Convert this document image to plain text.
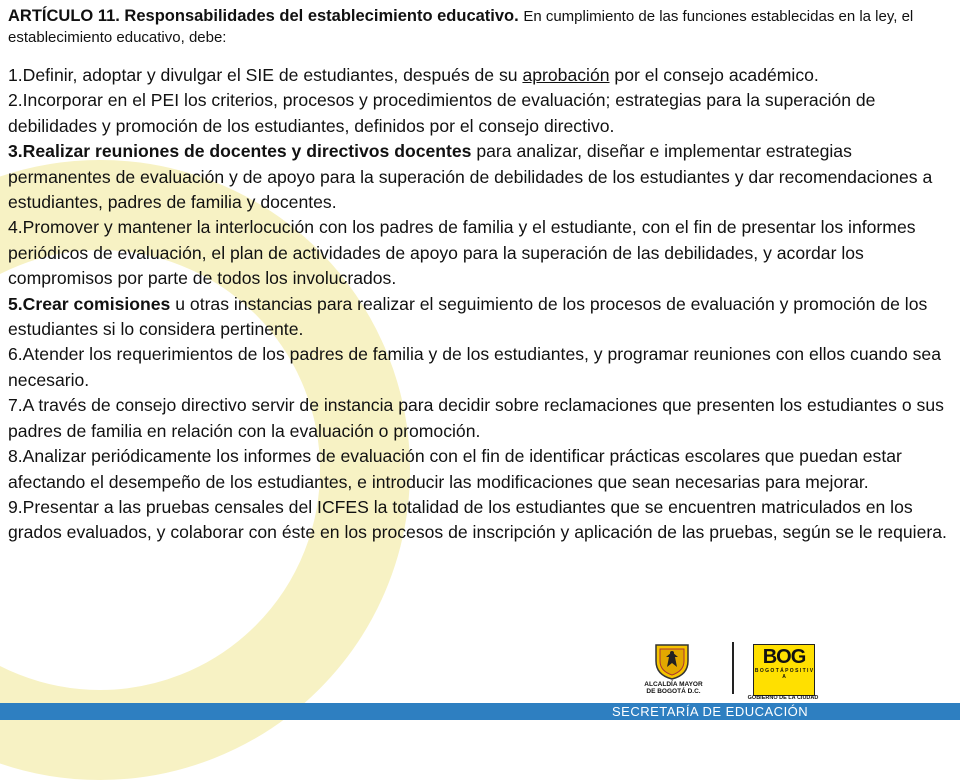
ARTÍCULO 11. Responsabilidades del establecimiento educativo. En cumplimiento de las funciones establecidas en la ley, el establecimiento educativo, debe:
1.Definir, adoptar y divulgar el SIE de estudiantes, después de su aprobación por el consejo académico.
2.Incorporar en el PEI los criterios, procesos y procedimientos de evaluación; estrategias para la superación de debilidades y promoción de los estudiantes, definidos por el consejo directivo.
3.Realizar reuniones de docentes y directivos docentes para analizar, diseñar e implementar estrategias permanentes de evaluación y de apoyo para la superación de debilidades de los estudiantes y dar recomendaciones a estudiantes, padres de familia y docentes.
4.Promover y mantener la interlocución con los padres de familia y el estudiante, con el fin de presentar los informes periódicos de evaluación, el plan de actividades de apoyo para la superación de las debilidades, y acordar los compromisos por parte de todos los involucrados.
5.Crear comisiones u otras instancias para realizar el seguimiento de los procesos de evaluación y promoción de los estudiantes si lo considera pertinente.
6.Atender los requerimientos de los padres de familia y de los estudiantes, y programar reuniones con ellos cuando sea necesario.
7.A través de consejo directivo servir de instancia para decidir sobre reclamaciones que presenten los estudiantes o sus padres de familia en relación con la evaluación o promoción.
8.Analizar periódicamente los informes de evaluación con el fin de identificar prácticas escolares que puedan estar afectando el desempeño de los estudiantes, e introducir las modificaciones que sean necesarias para mejorar.
9.Presentar a las pruebas censales del ICFES la totalidad de los estudiantes que se encuentren matriculados en los grados evaluados, y colaborar con éste en los procesos de inscripción y aplicación de las pruebas, según se le requiera.
ALCALDÍA MAYOR
DE BOGOTÁ D.C.
BOG
B O G O T Á P O S I T I V A
GOBIERNO DE LA CIUDAD
SECRETARÍA DE EDUCACIÓN
